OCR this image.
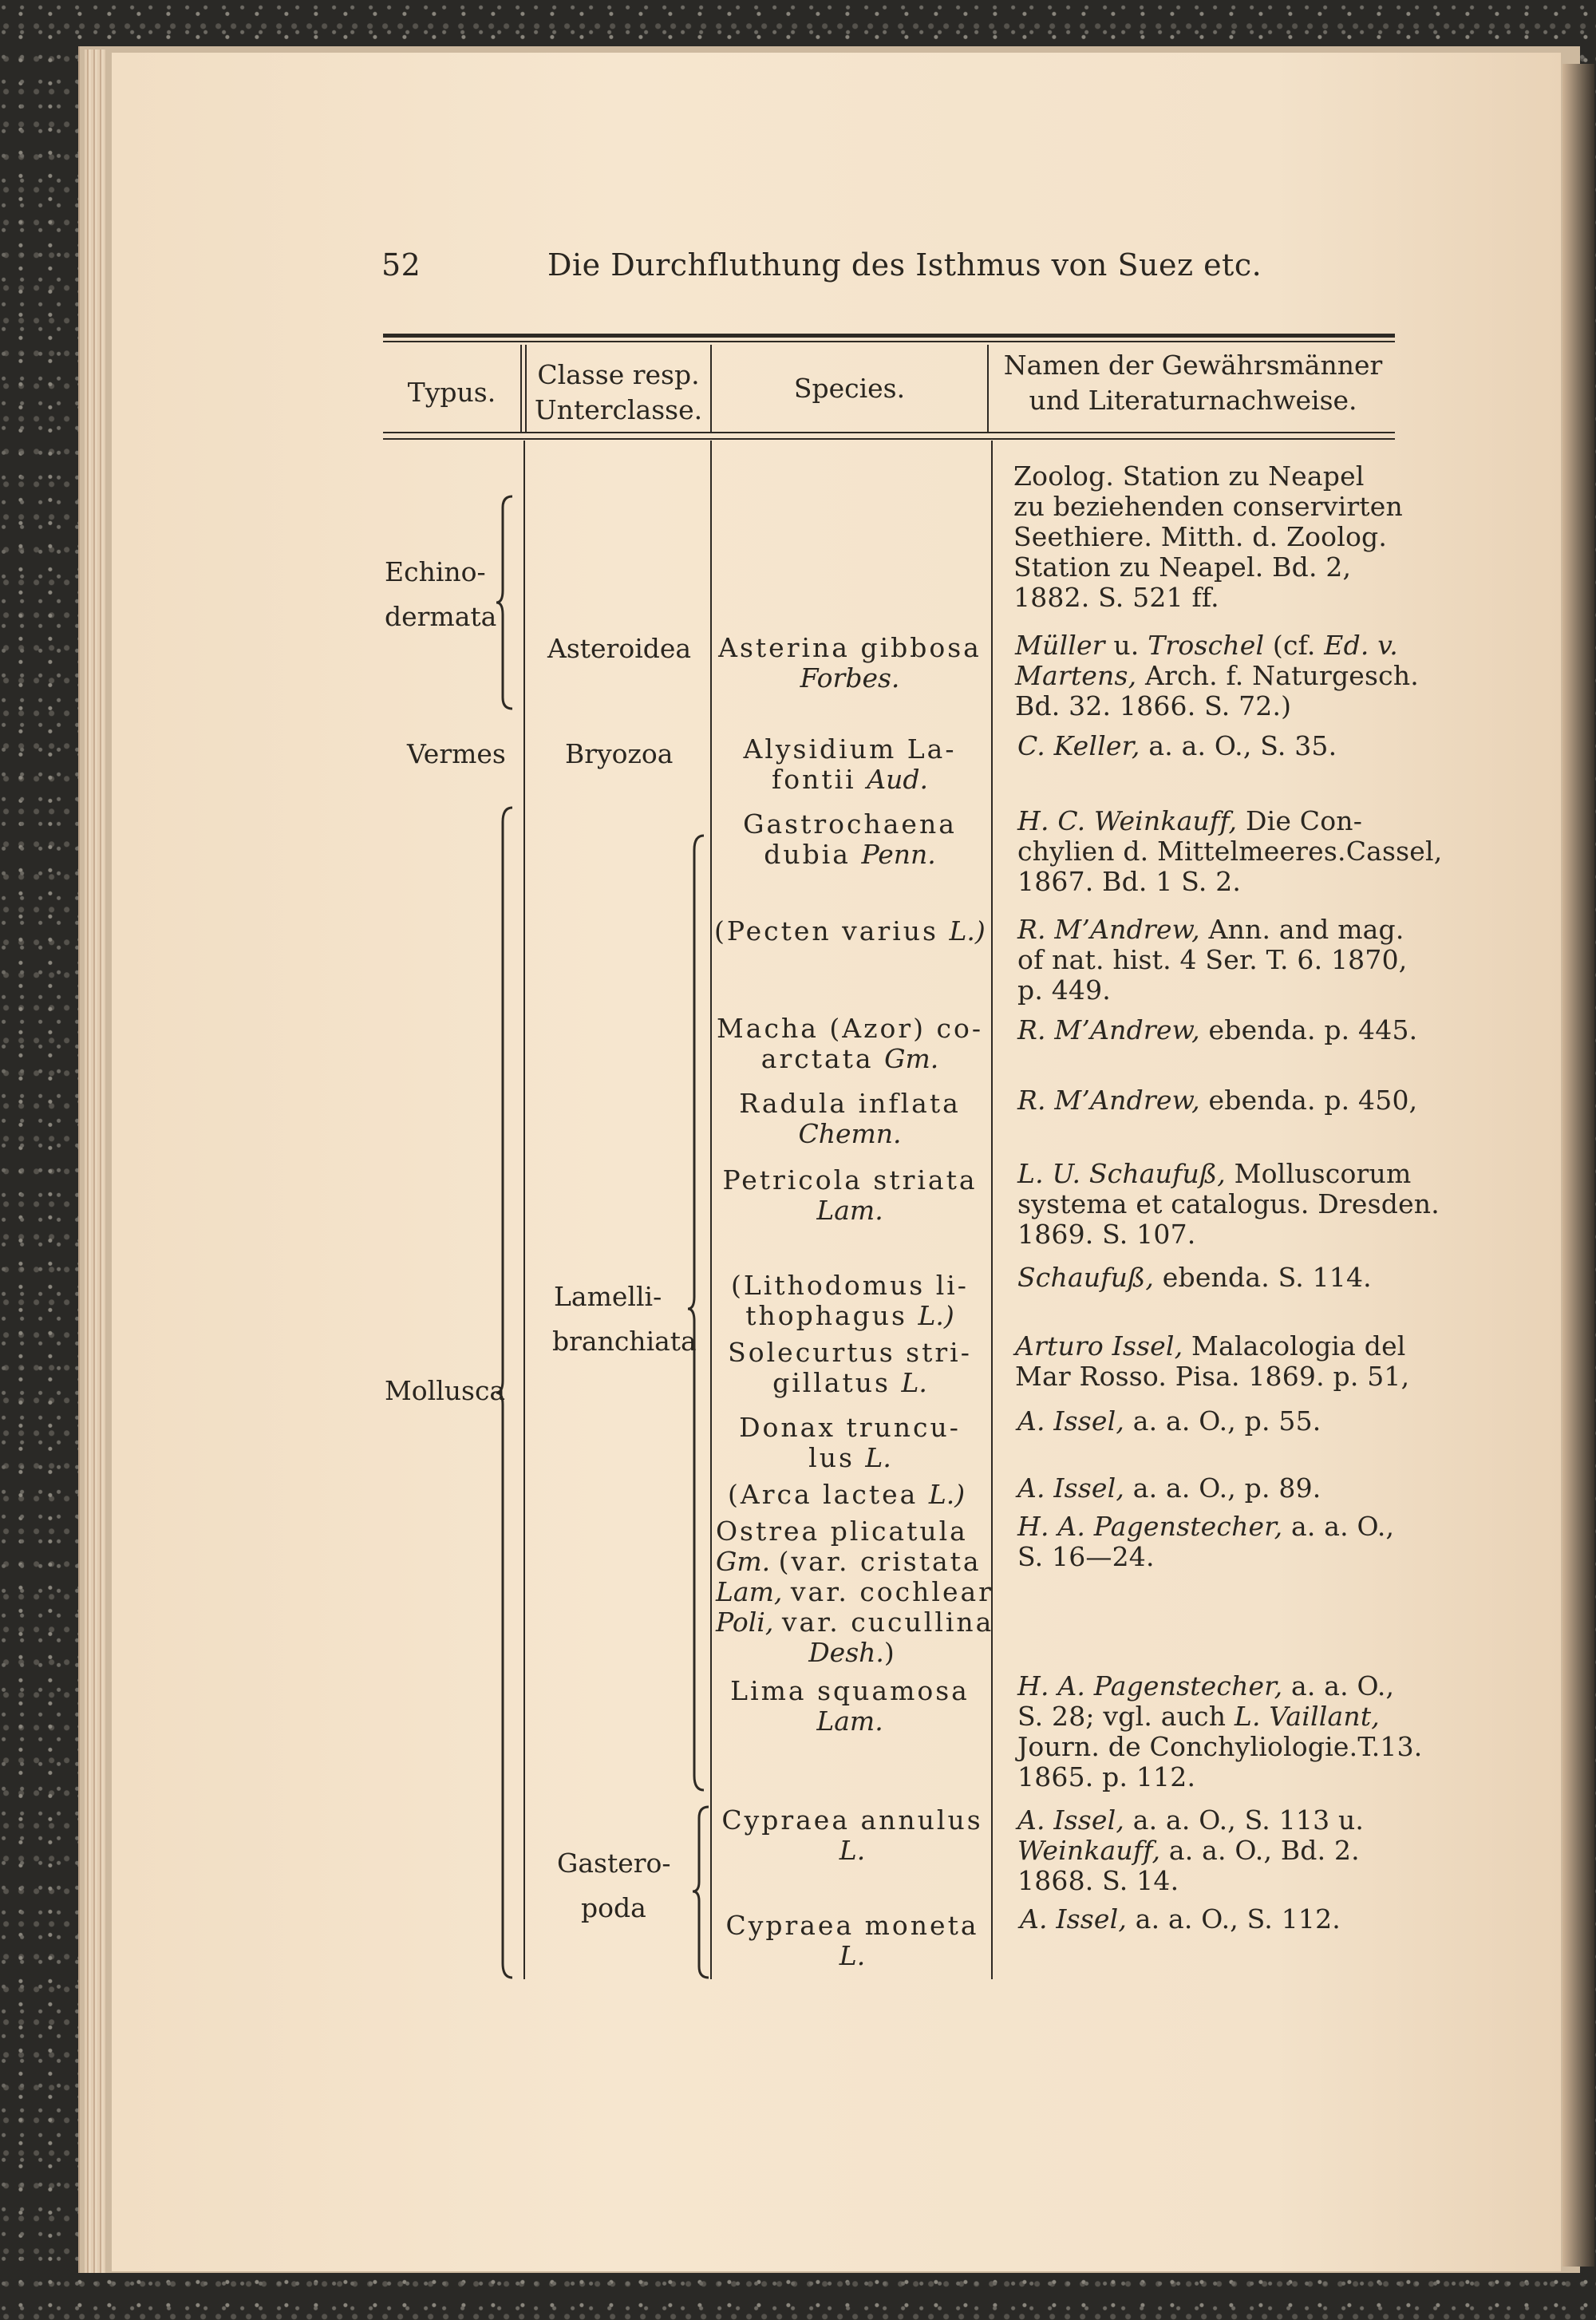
52	Die Durchfluthung des Isthmus von Suez etc.
Typus.
Classe resp.
Unterclasse.
Species.
Namen der Gewährsmänner
und Literaturnachweise.
Echino-
dermata
Vermes
Mollusca
Asteroidea
Bryozoa
Lamelli-
branchiata
Gastero-
poda
Asterina gibbosa
Forbes.
Alysidium La-
fontii Aud.
Gastrochaena
dubia Penn.
(Pecten varius L.)
Macha (Azor) co-
arctata Gm.
Radula inflata
Chemn.
Petricola striata
Lam.
(Lithodomus li-
thophagus L.)
Solecurtus stri-
gillatus L.
Donax truncu-
lus L.
(Arca lactea L.)
Ostrea plicatula
Gm. (var. cristata
Lam, var. cochlear
Poli, var. cucullina
Desh.)
Lima squamosa
Lam.
Cypraea annulus
L.
Cypraea moneta
L.
Zoolog. Station zu Neapel
zu beziehenden conservirten
Seethiere. Mitth. d. Zoolog.
Station zu Neapel. Bd. 2,
1882. S. 521 ff.
Müller u. Troschel (cf. Ed. v.
Martens, Arch. f. Naturgesch.
Bd. 32. 1866. S. 72.)
C. Keller, a. a. O., S. 35.
H. C. Weinkauff, Die Con-
chylien d. Mittelmeeres.Cassel,
1867. Bd. 1 S. 2.
R. M’Andrew, Ann. and mag.
of nat. hist. 4 Ser. T. 6. 1870,
p. 449.
R. M’Andrew, ebenda. p. 445.
R. M’Andrew, ebenda. p. 450,
L. U. Schaufuß, Molluscorum
systema et catalogus. Dresden.
1869. S. 107.
Schaufuß, ebenda. S. 114.
Arturo Issel, Malacologia del
Mar Rosso. Pisa. 1869. p. 51,
A. Issel, a. a. O., p. 55.
A. Issel, a. a. O., p. 89.
H. A. Pagenstecher, a. a. O.,
S. 16—24.
H. A. Pagenstecher, a. a. O.,
S. 28; vgl. auch L. Vaillant,
Journ. de Conchyliologie.T.13.
1865. p. 112.
A. Issel, a. a. O., S. 113 u.
Weinkauff, a. a. O., Bd. 2.
1868. S. 14.
A. Issel, a. a. O., S. 112.
